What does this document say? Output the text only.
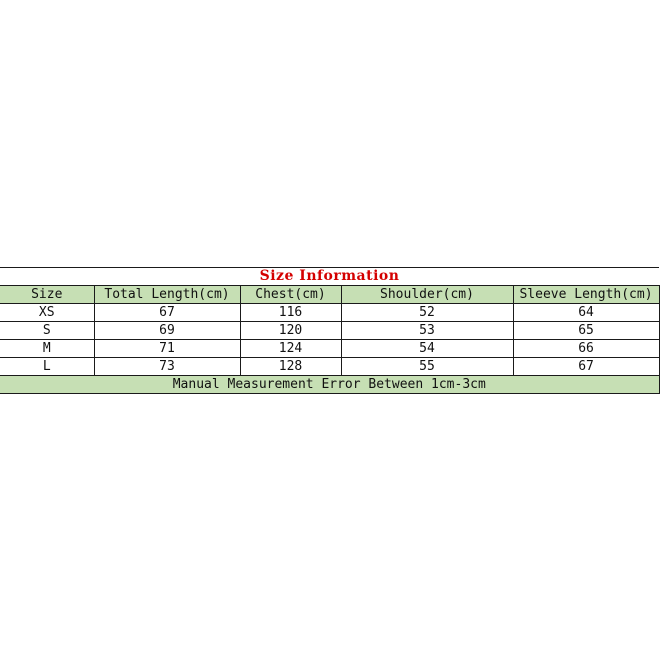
Size Information				
Size	Total Length(cm)	Chest(cm)	Shoulder(cm)	Sleeve Length(cm)
XS	67	116	52	64
S	69	120	53	65
M	71	124	54	66
L	73	128	55	67
Manual Measurement Error Between 1cm-3cm				
